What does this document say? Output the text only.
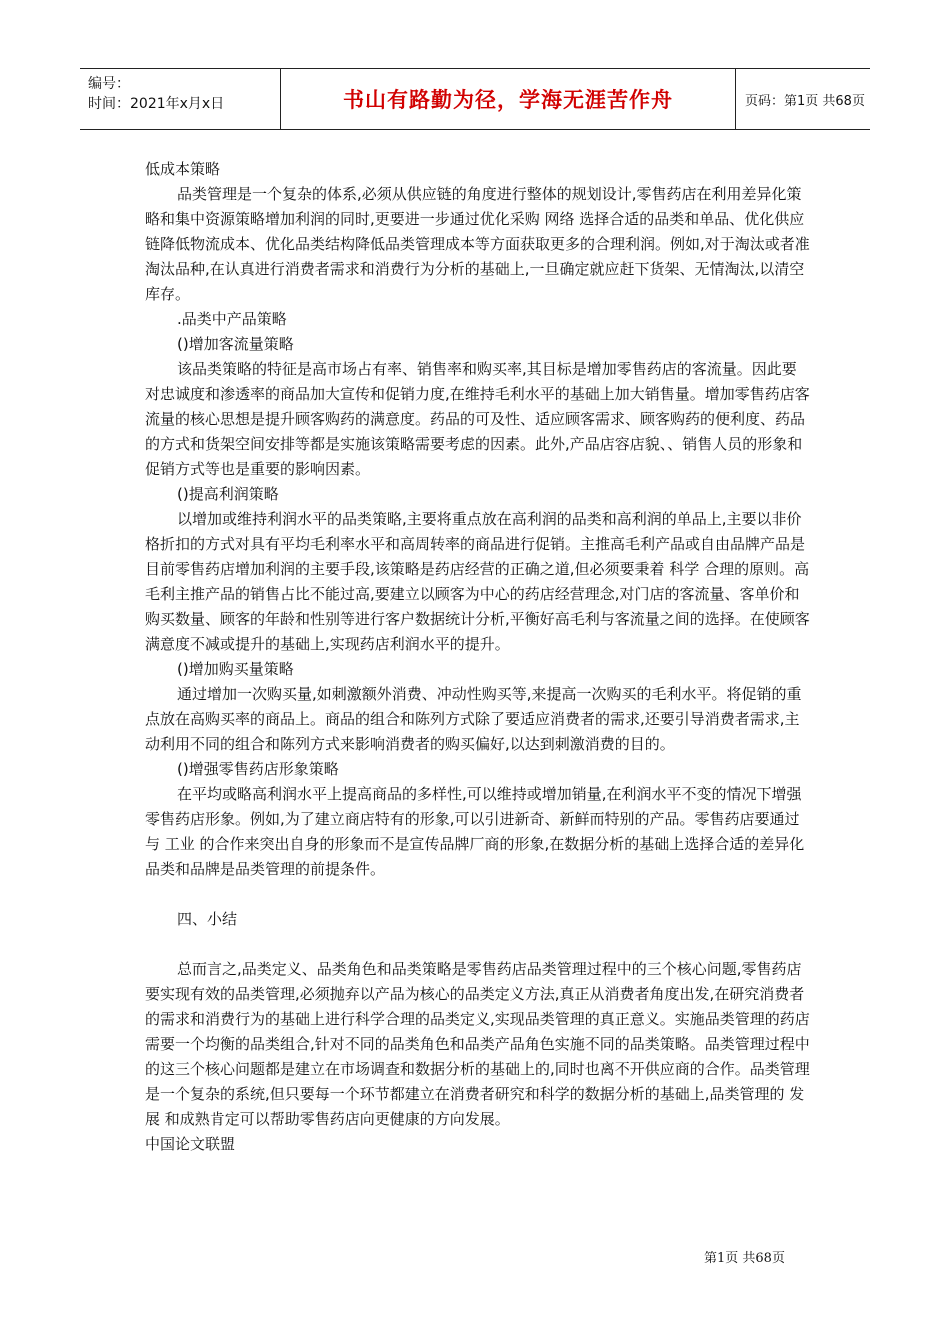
编号：
时间：2021年x月x日	书山有路勤为径，学海无涯苦作舟	页码：第1页 共68页

低成本策略

品类管理是一个复杂的体系,必须从供应链的角度进行整体的规划设计,零售药店在利用差异化策略和集中资源策略增加利润的同时,更要进一步通过优化采购 网络 选择合适的品类和单品、优化供应链降低物流成本、优化品类结构降低品类管理成本等方面获取更多的合理利润。例如,对于淘汰或者准淘汰品种,在认真进行消费者需求和消费行为分析的基础上,一旦确定就应赶下货架、无情淘汰,以清空库存。

.品类中产品策略

()增加客流量策略

该品类策略的特征是高市场占有率、销售率和购买率,其目标是增加零售药店的客流量。因此要对忠诚度和渗透率的商品加大宣传和促销力度,在维持毛利水平的基础上加大销售量。增加零售药店客流量的核心思想是提升顾客购药的满意度。药品的可及性、适应顾客需求、顾客购药的便利度、药品的方式和货架空间安排等都是实施该策略需要考虑的因素。此外,产品店容店貌、、销售人员的形象和促销方式等也是重要的影响因素。

()提高利润策略

以增加或维持利润水平的品类策略,主要将重点放在高利润的品类和高利润的单品上,主要以非价格折扣的方式对具有平均毛利率水平和高周转率的商品进行促销。主推高毛利产品或自由品牌产品是目前零售药店增加利润的主要手段,该策略是药店经营的正确之道,但必须要秉着 科学 合理的原则。高毛利主推产品的销售占比不能过高,要建立以顾客为中心的药店经营理念,对门店的客流量、客单价和购买数量、顾客的年龄和性别等进行客户数据统计分析,平衡好高毛利与客流量之间的选择。在使顾客满意度不减或提升的基础上,实现药店利润水平的提升。

()增加购买量策略

通过增加一次购买量,如刺激额外消费、冲动性购买等,来提高一次购买的毛利水平。将促销的重点放在高购买率的商品上。商品的组合和陈列方式除了要适应消费者的需求,还要引导消费者需求,主动利用不同的组合和陈列方式来影响消费者的购买偏好,以达到刺激消费的目的。

()增强零售药店形象策略

在平均或略高利润水平上提高商品的多样性,可以维持或增加销量,在利润水平不变的情况下增强零售药店形象。例如,为了建立商店特有的形象,可以引进新奇、新鲜而特别的产品。零售药店要通过与 工业 的合作来突出自身的形象而不是宣传品牌厂商的形象,在数据分析的基础上选择合适的差异化品类和品牌是品类管理的前提条件。

四、小结

总而言之,品类定义、品类角色和品类策略是零售药店品类管理过程中的三个核心问题,零售药店要实现有效的品类管理,必须抛弃以产品为核心的品类定义方法,真正从消费者角度出发,在研究消费者的需求和消费行为的基础上进行科学合理的品类定义,实现品类管理的真正意义。实施品类管理的药店需要一个均衡的品类组合,针对不同的品类角色和品类产品角色实施不同的品类策略。品类管理过程中的这三个核心问题都是建立在市场调查和数据分析的基础上的,同时也离不开供应商的合作。品类管理是一个复杂的系统,但只要每一个环节都建立在消费者研究和科学的数据分析的基础上,品类管理的 发展 和成熟肯定可以帮助零售药店向更健康的方向发展。

中国论文联盟

第1页 共68页
